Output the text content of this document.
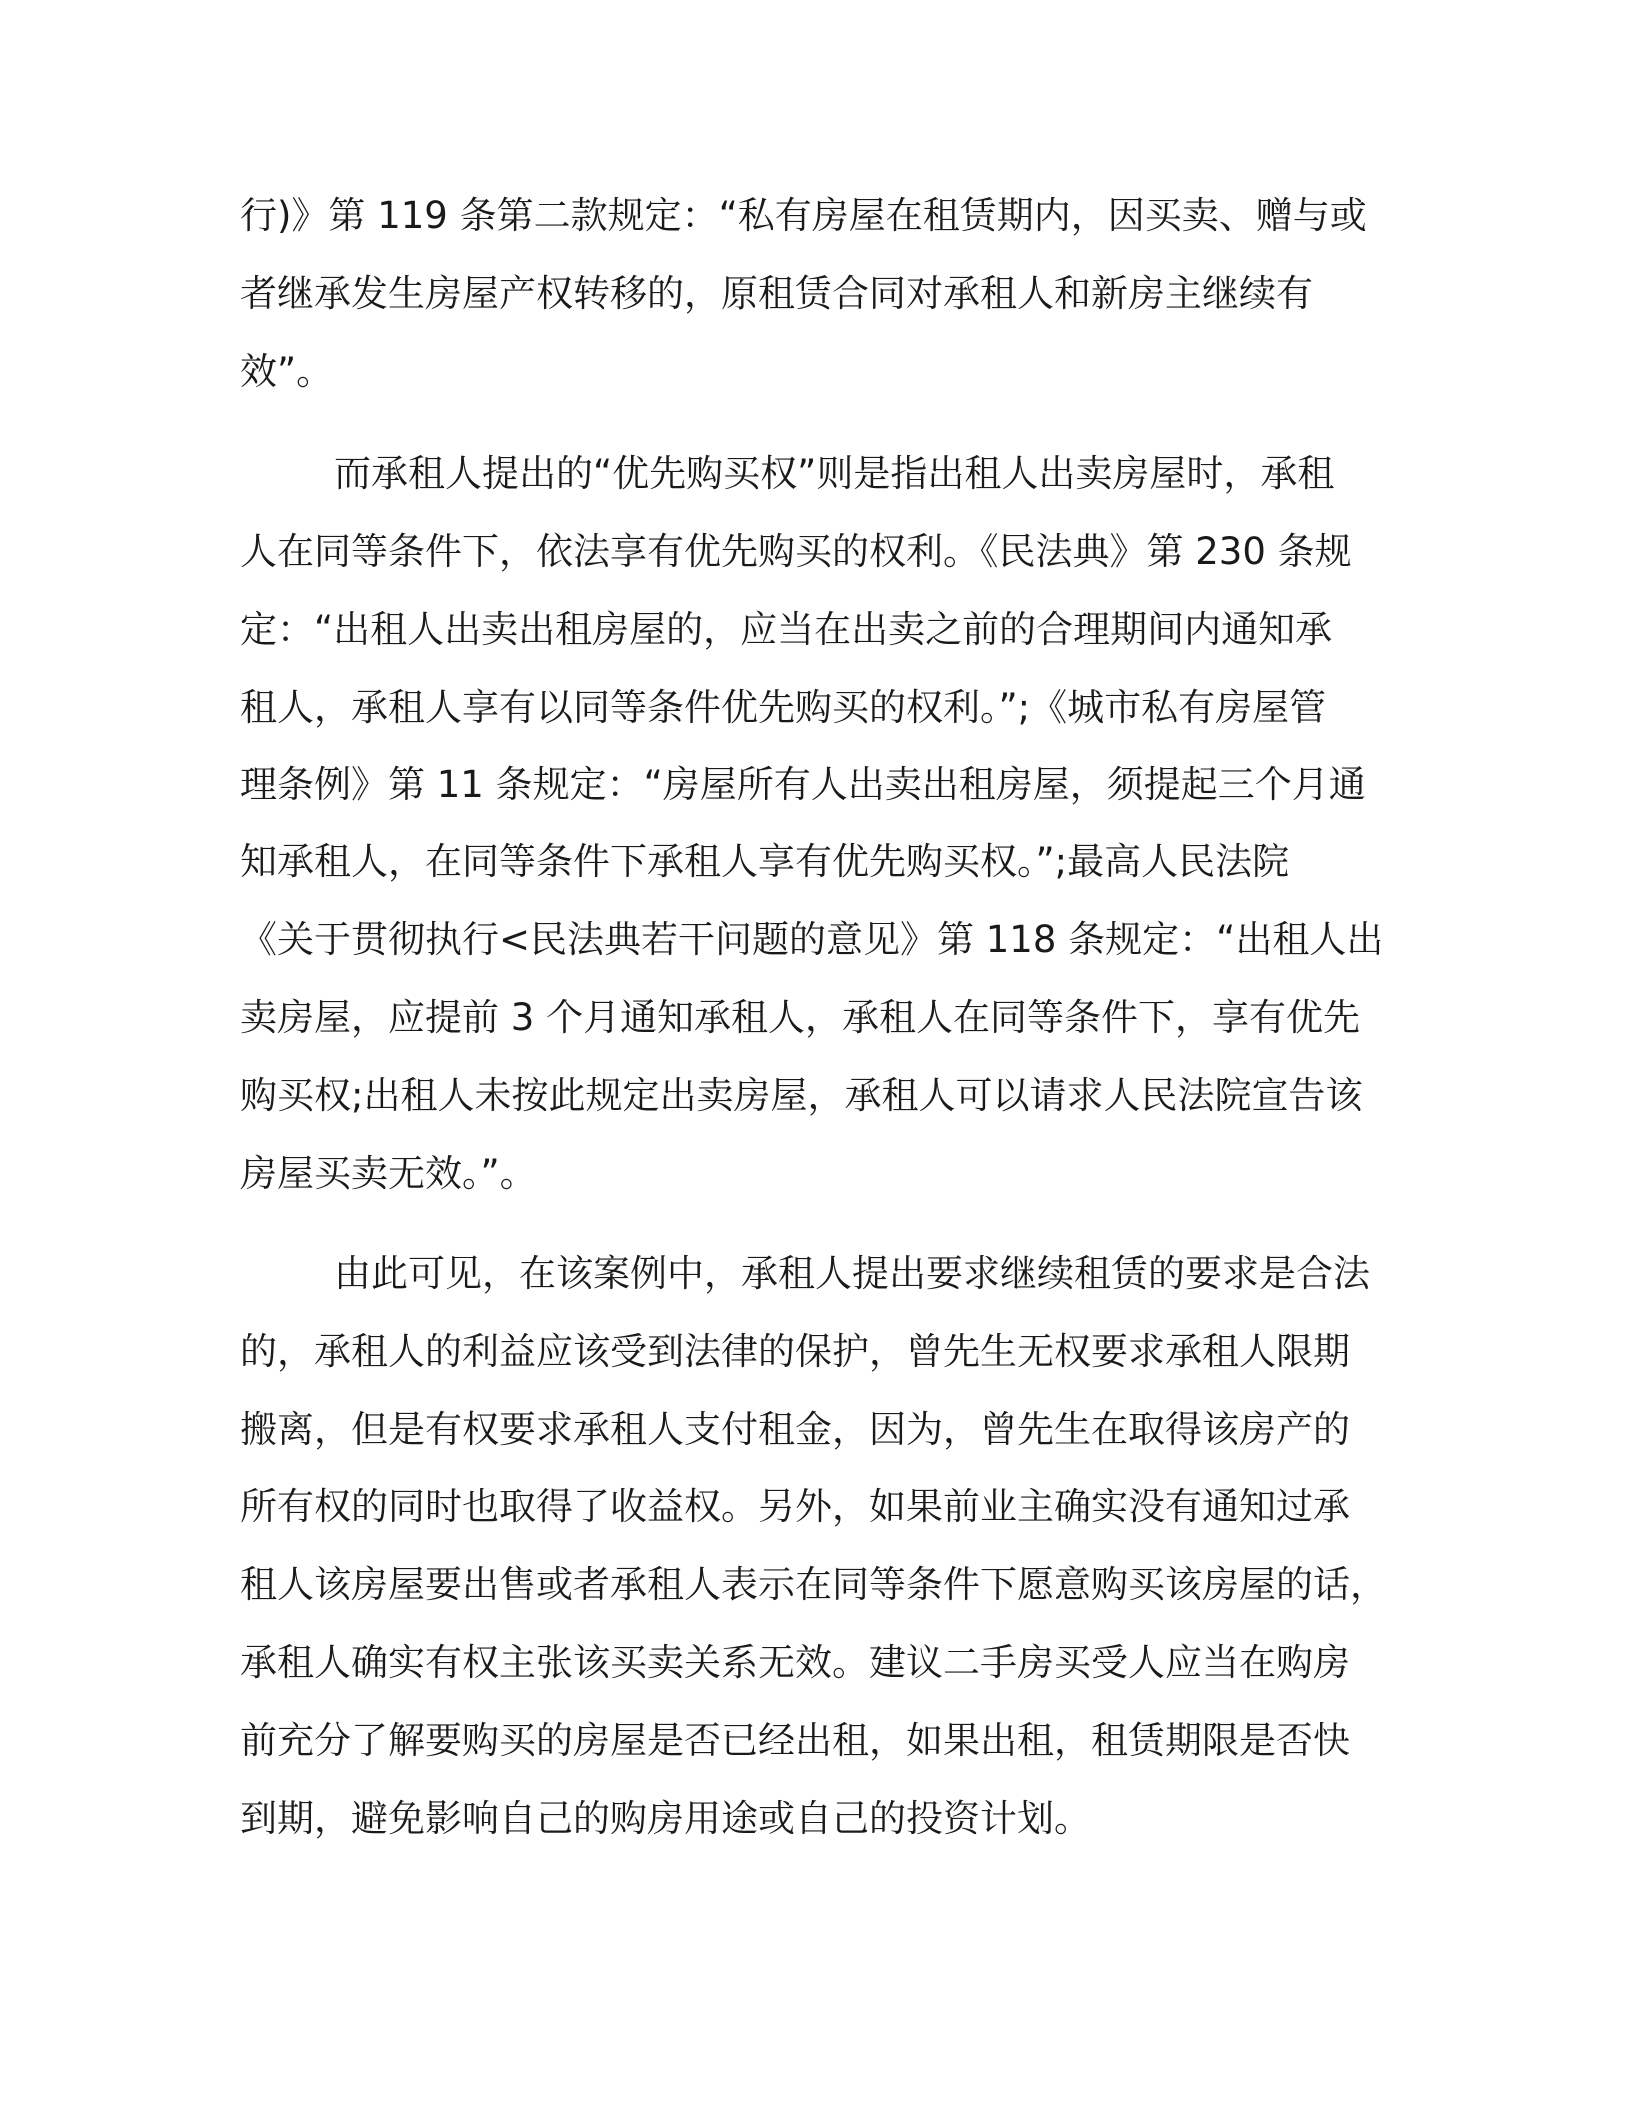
行)》第 119 条第二款规定：“私有房屋在租赁期内，因买卖、赠与或
者继承发生房屋产权转移的，原租赁合同对承租人和新房主继续有
效”。
而承租人提出的“优先购买权”则是指出租人出卖房屋时，承租
人在同等条件下，依法享有优先购买的权利。《民法典》第 230 条规
定：“出租人出卖出租房屋的，应当在出卖之前的合理期间内通知承
租人，承租人享有以同等条件优先购买的权利。”;《城市私有房屋管
理条例》第 11 条规定：“房屋所有人出卖出租房屋，须提起三个月通
知承租人，在同等条件下承租人享有优先购买权。”;最高人民法院
《关于贯彻执行<民法典若干问题的意见》第 118 条规定：“出租人出
卖房屋，应提前 3 个月通知承租人，承租人在同等条件下，享有优先
购买权;出租人未按此规定出卖房屋，承租人可以请求人民法院宣告该
房屋买卖无效。”。
由此可见，在该案例中，承租人提出要求继续租赁的要求是合法
的，承租人的利益应该受到法律的保护，曾先生无权要求承租人限期
搬离，但是有权要求承租人支付租金，因为，曾先生在取得该房产的
所有权的同时也取得了收益权。另外，如果前业主确实没有通知过承
租人该房屋要出售或者承租人表示在同等条件下愿意购买该房屋的话，
承租人确实有权主张该买卖关系无效。建议二手房买受人应当在购房
前充分了解要购买的房屋是否已经出租，如果出租，租赁期限是否快
到期，避免影响自己的购房用途或自己的投资计划。
